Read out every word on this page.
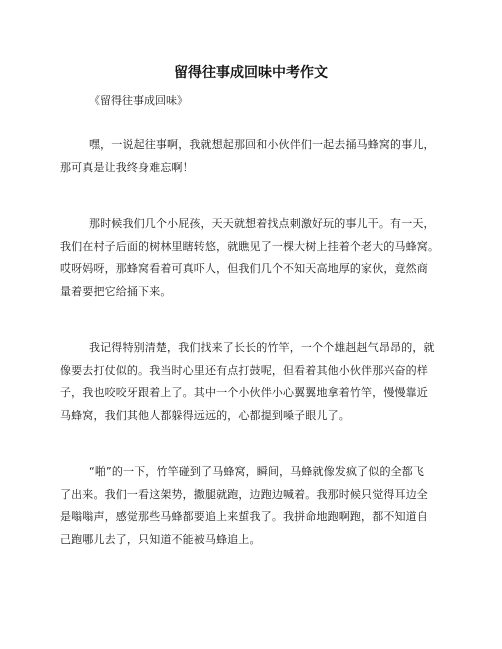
留得往事成回味中考作文

《留得往事成回味》

嘿，一说起往事啊，我就想起那回和小伙伴们一起去捅马蜂窝的事儿，
那可真是让我终身难忘啊！

那时候我们几个小屁孩，天天就想着找点刺激好玩的事儿干。有一天，
我们在村子后面的树林里瞎转悠，就瞧见了一棵大树上挂着个老大的马蜂窝。
哎呀妈呀，那蜂窝看着可真吓人，但我们几个不知天高地厚的家伙，竟然商
量着要把它给捅下来。

我记得特别清楚，我们找来了长长的竹竿，一个个雄赳赳气昂昂的，就
像要去打仗似的。我当时心里还有点打鼓呢，但看着其他小伙伴那兴奋的样
子，我也咬咬牙跟着上了。其中一个小伙伴小心翼翼地拿着竹竿，慢慢靠近
马蜂窝，我们其他人都躲得远远的，心都提到嗓子眼儿了。

“啪”的一下，竹竿碰到了马蜂窝，瞬间，马蜂就像发疯了似的全都飞
了出来。我们一看这架势，撒腿就跑，边跑边喊着。我那时候只觉得耳边全
是嗡嗡声，感觉那些马蜂都要追上来蜇我了。我拼命地跑啊跑，都不知道自
己跑哪儿去了，只知道不能被马蜂追上。
